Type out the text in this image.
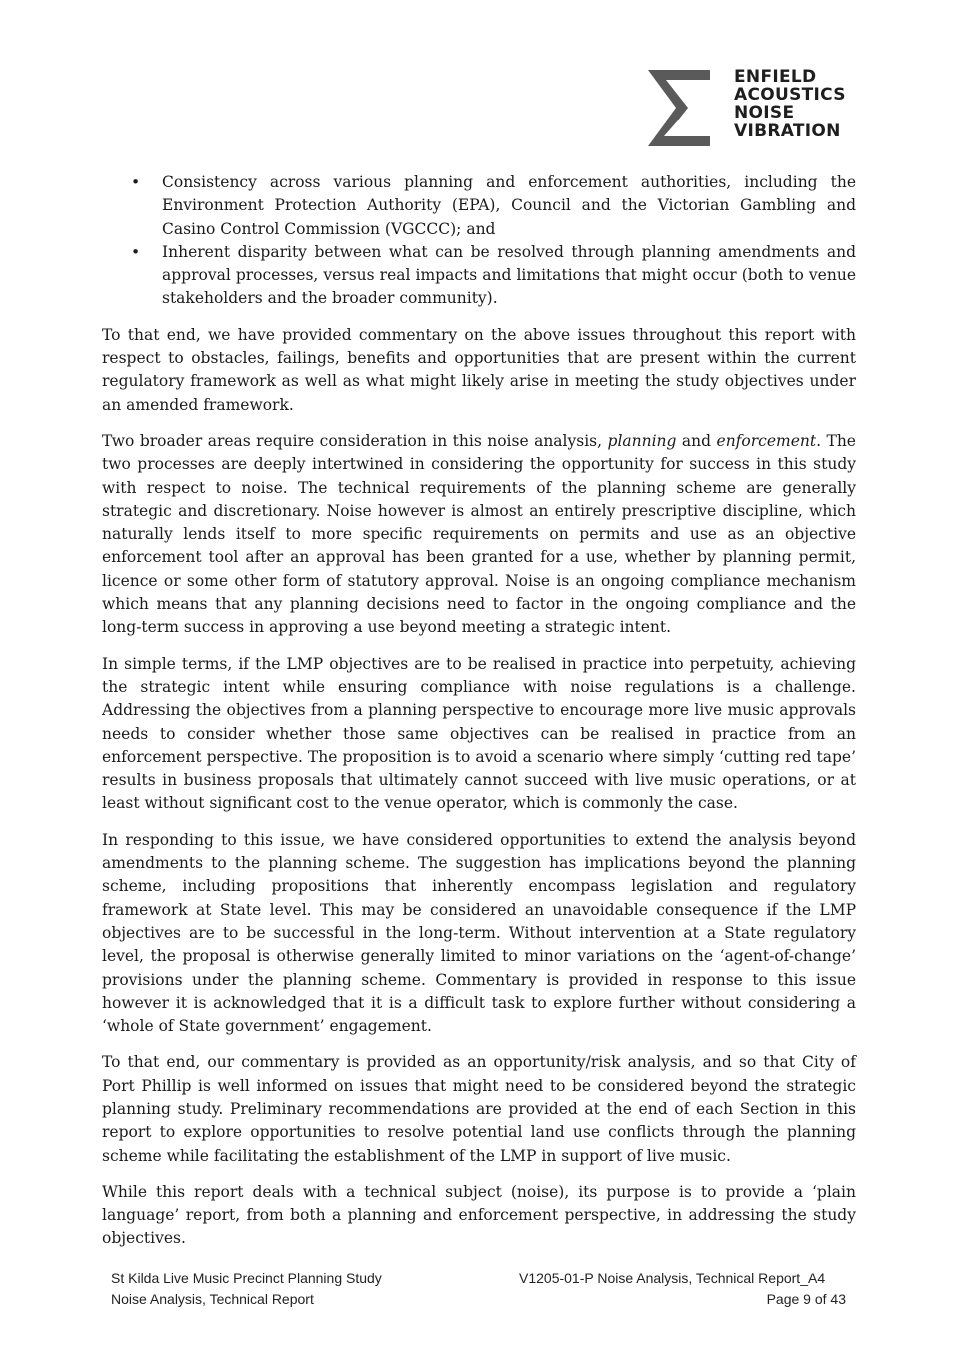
ENFIELD
ACOUSTICS
NOISE
VIBRATION
• Consistency across various planning and enforcement authorities, including the Environment Protection Authority (EPA), Council and the Victorian Gambling and Casino Control Commission (VGCCC); and
• Inherent disparity between what can be resolved through planning amendments and approval processes, versus real impacts and limitations that might occur (both to venue stakeholders and the broader community).

To that end, we have provided commentary on the above issues throughout this report with respect to obstacles, failings, benefits and opportunities that are present within the current regulatory framework as well as what might likely arise in meeting the study objectives under an amended framework.

Two broader areas require consideration in this noise analysis, planning and enforcement. The two processes are deeply intertwined in considering the opportunity for success in this study with respect to noise. The technical requirements of the planning scheme are generally strategic and discretionary. Noise however is almost an entirely prescriptive discipline, which naturally lends itself to more specific requirements on permits and use as an objective enforcement tool after an approval has been granted for a use, whether by planning permit, licence or some other form of statutory approval. Noise is an ongoing compliance mechanism which means that any planning decisions need to factor in the ongoing compliance and the long-term success in approving a use beyond meeting a strategic intent.

In simple terms, if the LMP objectives are to be realised in practice into perpetuity, achieving the strategic intent while ensuring compliance with noise regulations is a challenge. Addressing the objectives from a planning perspective to encourage more live music approvals needs to consider whether those same objectives can be realised in practice from an enforcement perspective. The proposition is to avoid a scenario where simply ‘cutting red tape’ results in business proposals that ultimately cannot succeed with live music operations, or at least without significant cost to the venue operator, which is commonly the case.

In responding to this issue, we have considered opportunities to extend the analysis beyond amendments to the planning scheme. The suggestion has implications beyond the planning scheme, including propositions that inherently encompass legislation and regulatory framework at State level. This may be considered an unavoidable consequence if the LMP objectives are to be successful in the long-term. Without intervention at a State regulatory level, the proposal is otherwise generally limited to minor variations on the ‘agent-of-change’ provisions under the planning scheme. Commentary is provided in response to this issue however it is acknowledged that it is a difficult task to explore further without considering a ‘whole of State government’ engagement.

To that end, our commentary is provided as an opportunity/risk analysis, and so that City of Port Phillip is well informed on issues that might need to be considered beyond the strategic planning study. Preliminary recommendations are provided at the end of each Section in this report to explore opportunities to resolve potential land use conflicts through the planning scheme while facilitating the establishment of the LMP in support of live music.

While this report deals with a technical subject (noise), its purpose is to provide a ‘plain language’ report, from both a planning and enforcement perspective, in addressing the study objectives.

St Kilda Live Music Precinct Planning Study
Noise Analysis, Technical Report
V1205-01-P Noise Analysis, Technical Report_A4
Page 9 of 43
